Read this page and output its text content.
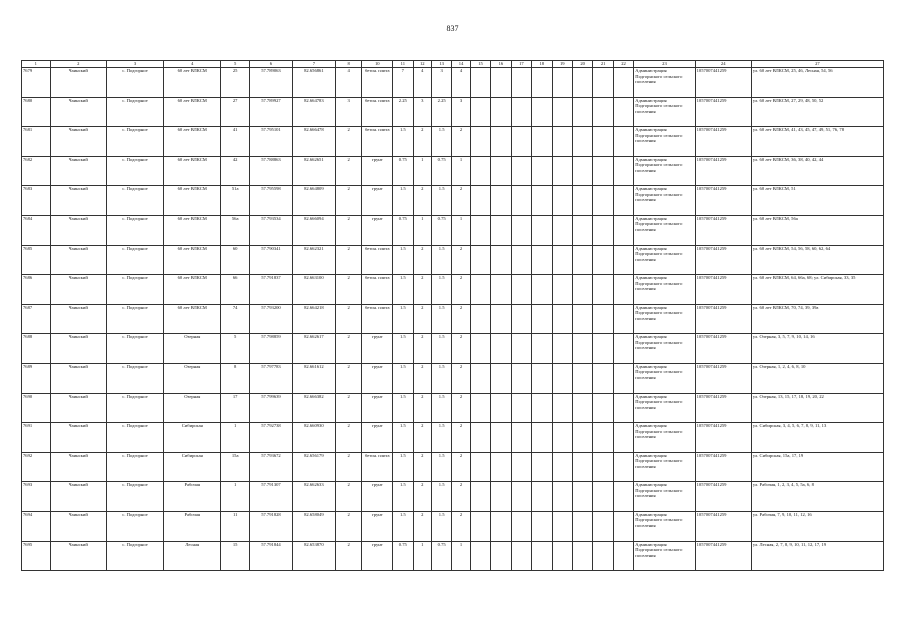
837
1	2	3	4	5	6	7	8	10	11	12	13	14	15	16	17	18	19	20	21	22	23	24	27
7679	Чаинский	с. Подгорное	60 лет ВЛКСМ	25	57.789063	82.656861	4	бетон. плита	7	4	3	4									Администрация Подгорнского сельского поселения	1057007441259	ул. 60 лет ВЛКСМ, 25, 46, Лесная, 54, 56
7680	Чаинский	с. Подгорное	60 лет ВЛКСМ	27	57.789927	82.664783	3	бетон. плита	2.25	3	2.25	3									Администрация Подгорнского сельского поселения	1057007441259	ул. 60 лет ВЛКСМ, 27, 29, 48, 50, 52
7681	Чаинский	с. Подгорное	60 лет ВЛКСМ	41	57.795101	82.666478	2	бетон. плита	1.5	2	1.5	2									Администрация Подгорнского сельского поселения	1057007441259	ул. 60 лет ВЛКСМ, 41, 43, 45, 47, 49, 51, 76, 78
7682	Чаинский	с. Подгорное	60 лет ВЛКСМ	42	57.788863	82.662651	2	грунт	0.75	1	0.75	1									Администрация Подгорнского сельского поселения	1057007441259	ул. 60 лет ВЛКСМ, 36, 38, 40, 42, 44
7683	Чаинский	с. Подгорное	60 лет ВЛКСМ	51а	57.795598	82.664809	2	грунт	1.5	2	1.5	2									Администрация Подгорнского сельского поселения	1057007441259	ул. 60 лет ВЛКСМ, 51
7684	Чаинский	с. Подгорное	60 лет ВЛКСМ	56а	57.793534	82.666094	2	грунт	0.75	1	0.75	1									Администрация Подгорнского сельского поселения	1057007441259	ул. 60 лет ВЛКСМ, 56а
7685	Чаинский	с. Подгорное	60 лет ВЛКСМ	60	57.790341	82.662321	2	бетон. плита	1.5	2	1.5	2									Администрация Подгорнского сельского поселения	1057007441259	ул. 60 лет ВЛКСМ, 54, 56, 58, 60, 62, 64
7686	Чаинский	с. Подгорное	60 лет ВЛКСМ	66	57.791837	82.663100	2	бетон. плита	1.5	2	1.5	2									Администрация Подгорнского сельского поселения	1057007441259	ул. 60 лет ВЛКСМ, 64, 66а, 68; ул. Сибирская, 33, 35
7687	Чаинский	с. Подгорное	60 лет ВЛКСМ	74	57.793200	82.664218	2	бетон. плита	1.5	2	1.5	2									Администрация Подгорнского сельского поселения	1057007441259	ул. 60 лет ВЛКСМ, 70, 74, 39, 39а
7688	Чаинский	с. Подгорное	Озерная	5	57.798859	82.662617	2	грунт	1.5	2	1.5	2									Администрация Подгорнского сельского поселения	1057007441259	ул. Озерная, 3, 5, 7, 9, 10, 14, 16
7689	Чаинский	с. Подгорное	Озерная	8	57.797783	82.661612	2	грунт	1.5	2	1.5	2									Администрация Подгорнского сельского поселения	1057007441259	ул. Озерная, 1, 2, 4, 6, 8, 10
7690	Чаинский	с. Подгорное	Озерная	17	57.799639	82.666382	2	грунт	1.5	2	1.5	2									Администрация Подгорнского сельского поселения	1057007441259	ул. Озерная, 13, 15, 17, 18, 19, 20, 22
7691	Чаинский	с. Подгорное	Сибирская	1	57.792738	82.660930	2	грунт	1.5	2	1.5	2									Администрация Подгорнского сельского поселения	1057007441259	ул. Сибирская, 3, 4, 5, 6, 7, 8, 9, 11, 13
7692	Чаинский	с. Подгорное	Сибирская	15а	57.793672	82.656179	2	бетон. плита	1.5	2	1.5	2									Администрация Подгорнского сельского поселения	1057007441259	ул. Сибирская, 15а, 17, 19
7693	Чаинский	с. Подгорное	Рабочая	1	57.791307	82.662633	2	грунт	1.5	2	1.5	2									Администрация Подгорнского сельского поселения	1057007441259	ул. Рабочая, 1, 2, 3, 4, 5, 5а, 6, 8
7694	Чаинский	с. Подгорное	Рабочая	11	57.791828	82.658049	2	грунт	1.5	2	1.5	2									Администрация Подгорнского сельского поселения	1057007441259	ул. Рабочая, 7, 9, 10, 11, 12, 16
7695	Чаинский	с. Подгорное	Лесная	15	57.791844	82.653870	2	грунт	0.75	1	0.75	1									Администрация Подгорнского сельского поселения	1057007441259	ул. Лесная, 2, 7, 8, 9, 10, 11, 12, 17, 19
